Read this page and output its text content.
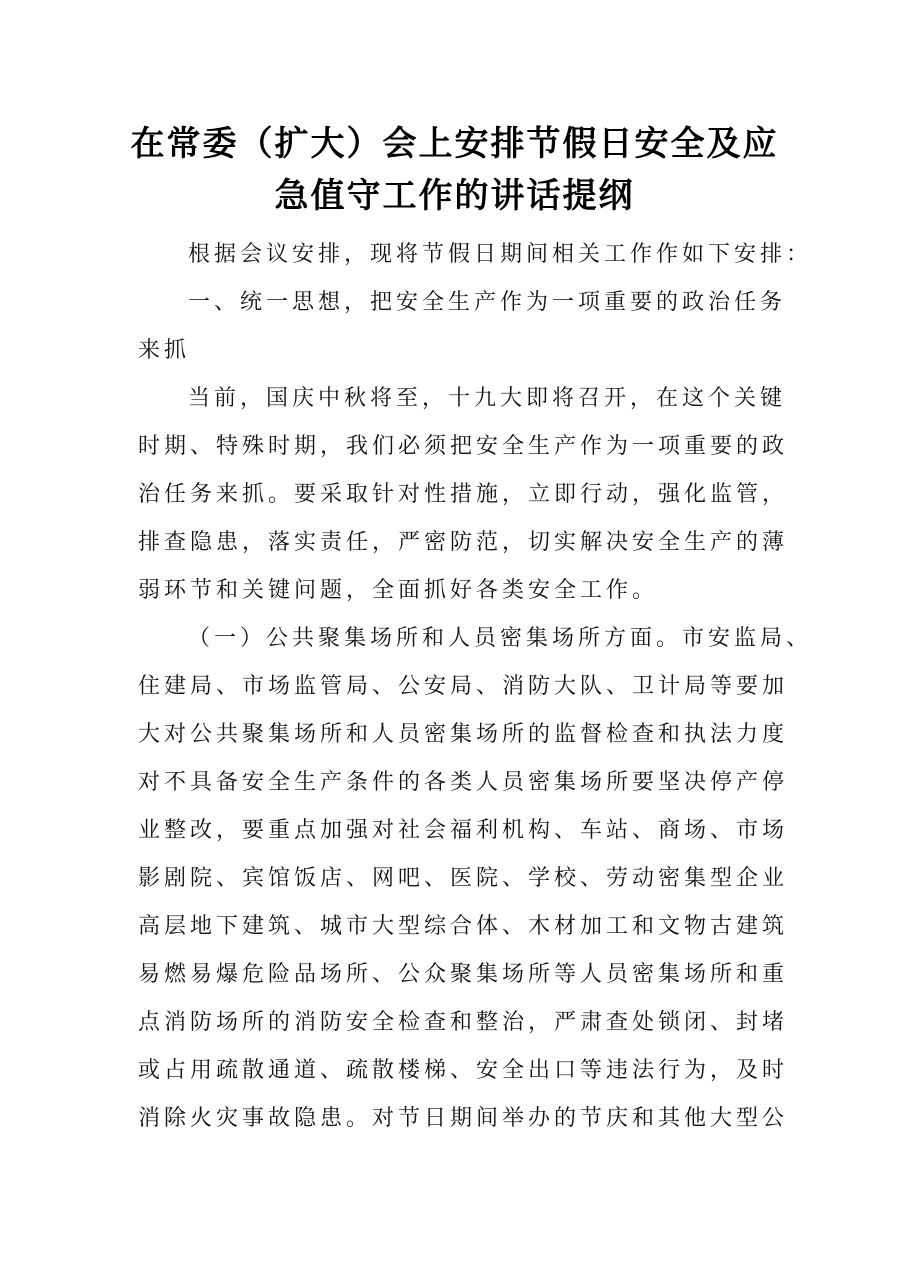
在常委（扩大）会上安排节假日安全及应
急值守工作的讲话提纲
根据会议安排，现将节假日期间相关工作作如下安排：
一、统一思想，把安全生产作为一项重要的政治任务
来抓
当前，国庆中秋将至，十九大即将召开，在这个关键
时期、特殊时期，我们必须把安全生产作为一项重要的政
治任务来抓。要采取针对性措施，立即行动，强化监管，
排查隐患，落实责任，严密防范，切实解决安全生产的薄
弱环节和关键问题，全面抓好各类安全工作。
（一）公共聚集场所和人员密集场所方面。市安监局、
住建局、市场监管局、公安局、消防大队、卫计局等要加
大对公共聚集场所和人员密集场所的监督检查和执法力度
对不具备安全生产条件的各类人员密集场所要坚决停产停
业整改，要重点加强对社会福利机构、车站、商场、市场
影剧院、宾馆饭店、网吧、医院、学校、劳动密集型企业
高层地下建筑、城市大型综合体、木材加工和文物古建筑
易燃易爆危险品场所、公众聚集场所等人员密集场所和重
点消防场所的消防安全检查和整治，严肃查处锁闭、封堵
或占用疏散通道、疏散楼梯、安全出口等违法行为，及时
消除火灾事故隐患。对节日期间举办的节庆和其他大型公
